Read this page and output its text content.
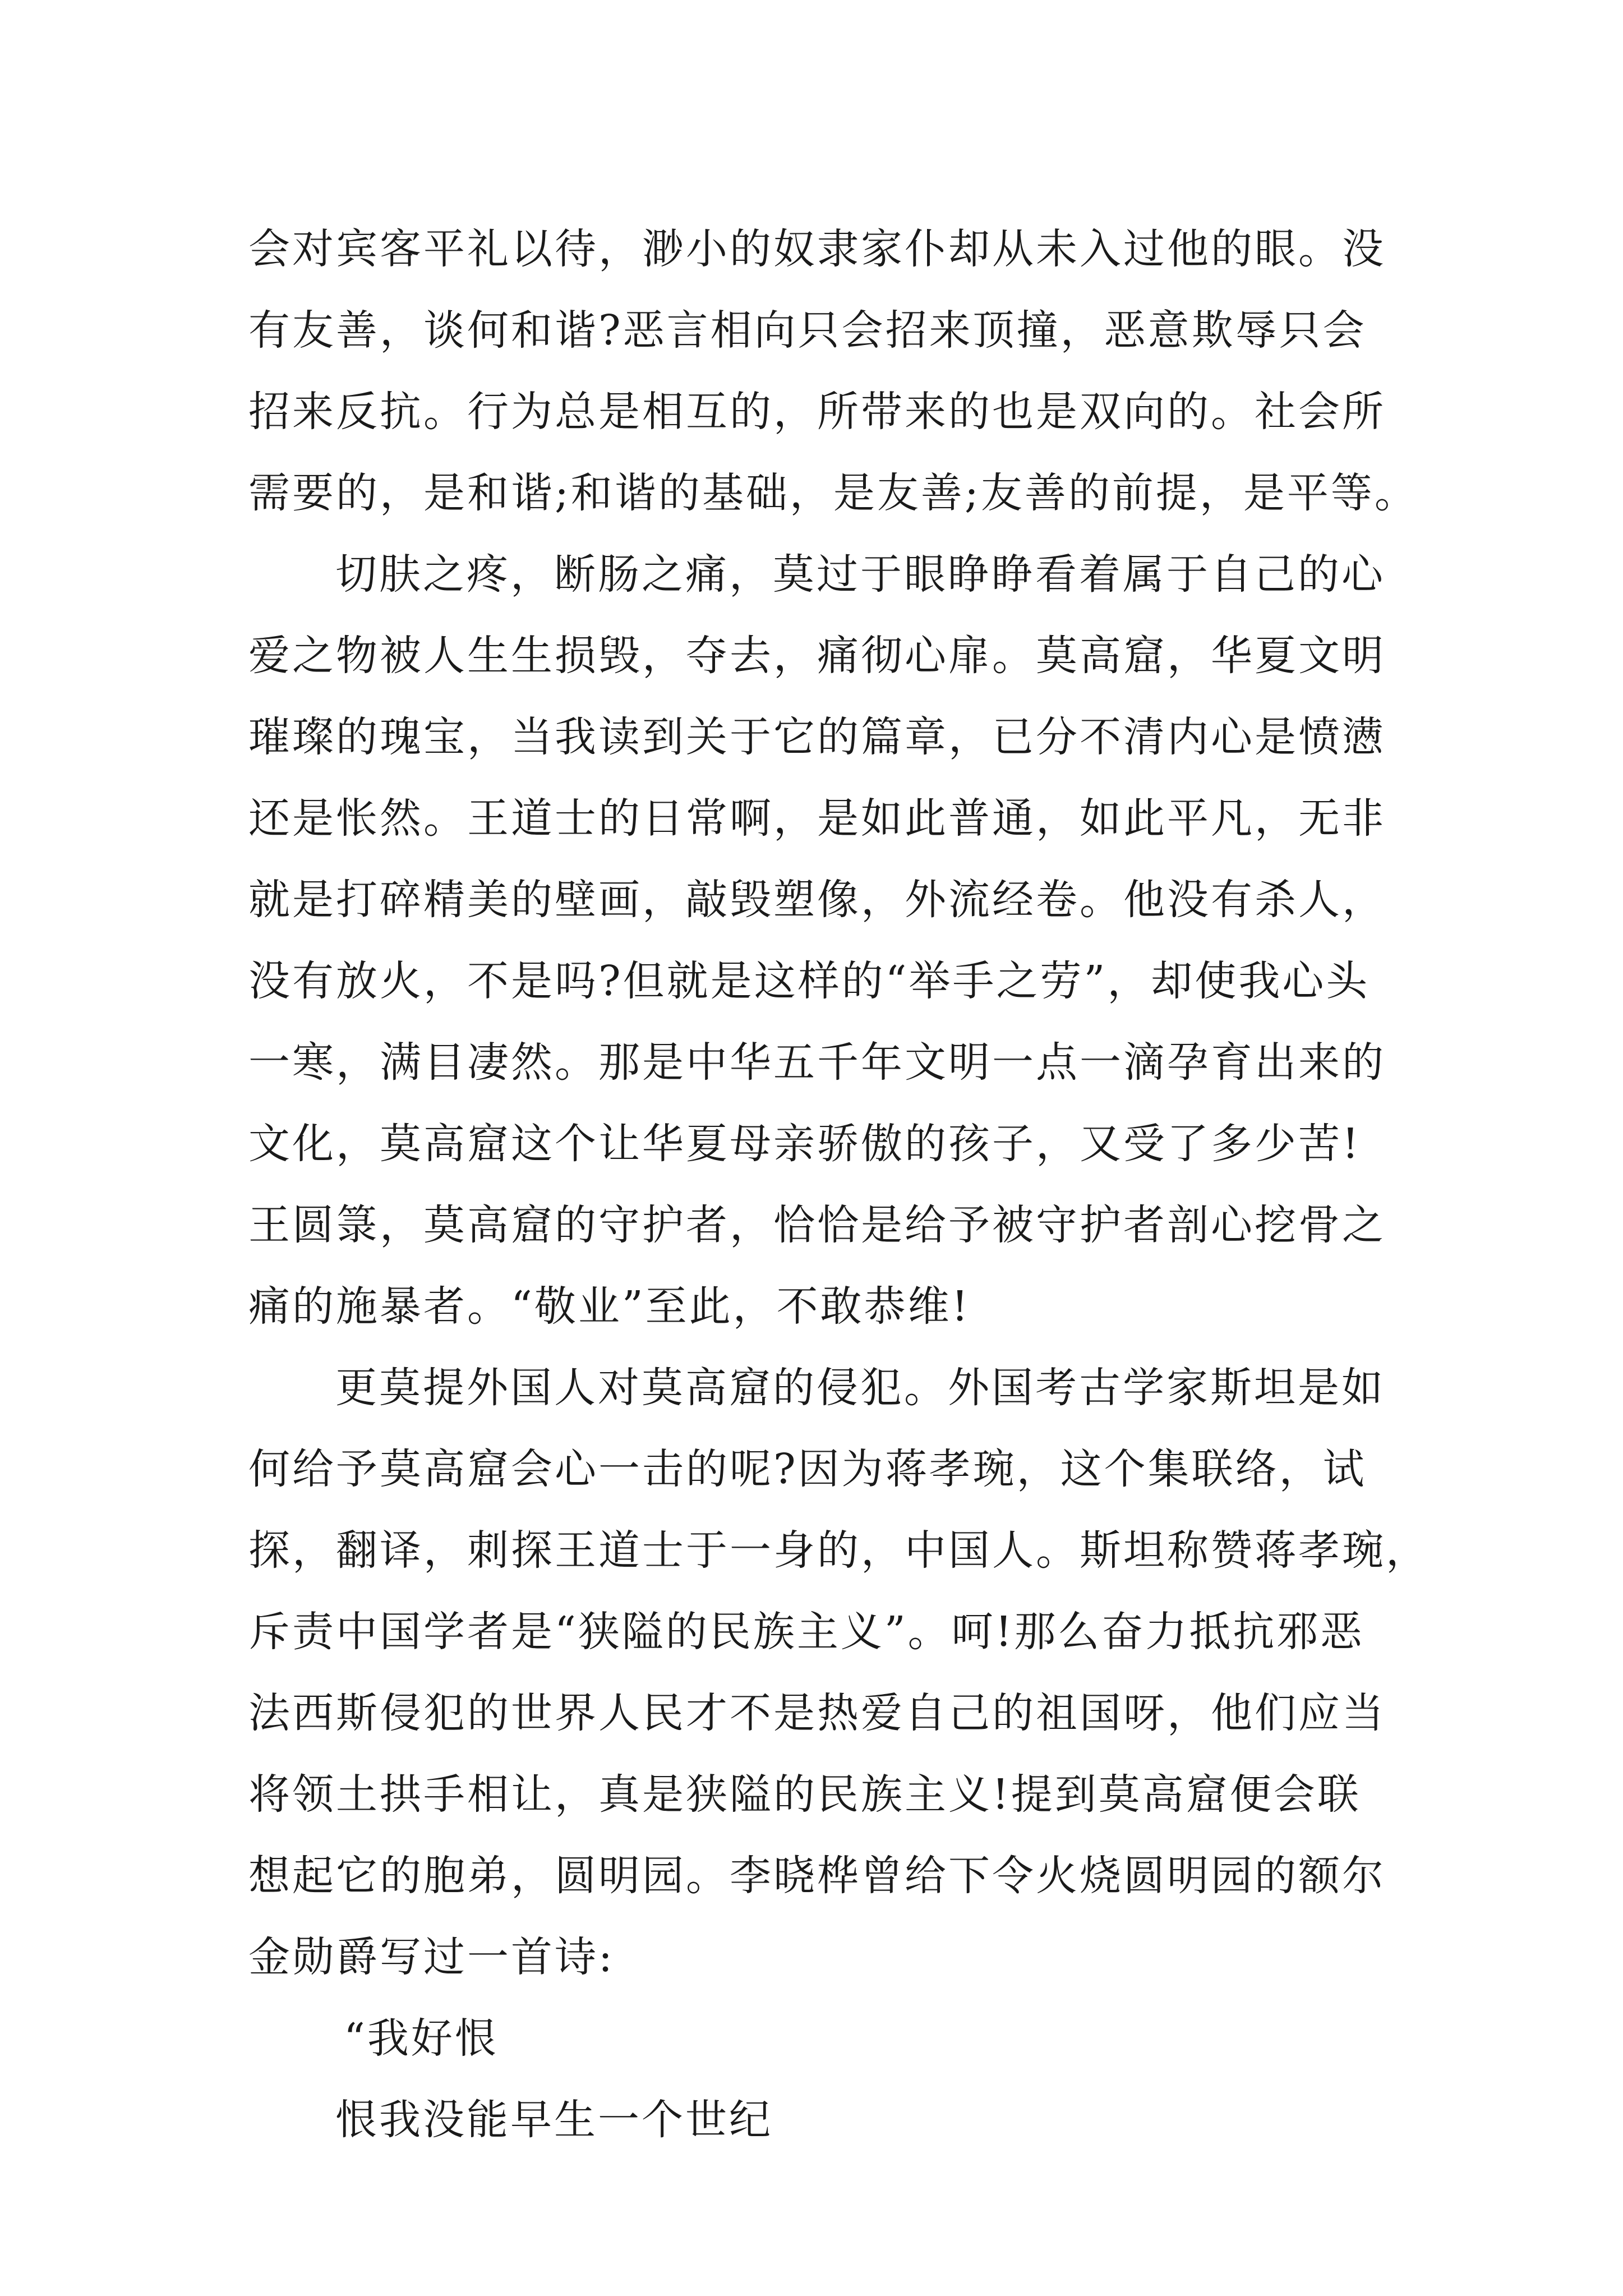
会对宾客平礼以待，渺小的奴隶家仆却从未入过他的眼。没
有友善，谈何和谐?恶言相向只会招来顶撞，恶意欺辱只会
招来反抗。行为总是相互的，所带来的也是双向的。社会所
需要的，是和谐;和谐的基础，是友善;友善的前提，是平等。
切肤之疼，断肠之痛，莫过于眼睁睁看着属于自己的心
爱之物被人生生损毁，夺去，痛彻心扉。莫高窟，华夏文明
璀璨的瑰宝，当我读到关于它的篇章，已分不清内心是愤懑
还是怅然。王道士的日常啊，是如此普通，如此平凡，无非
就是打碎精美的壁画，敲毁塑像，外流经卷。他没有杀人，
没有放火，不是吗?但就是这样的“举手之劳”，却使我心头
一寒，满目凄然。那是中华五千年文明一点一滴孕育出来的
文化，莫高窟这个让华夏母亲骄傲的孩子，又受了多少苦!
王圆箓，莫高窟的守护者，恰恰是给予被守护者剖心挖骨之
痛的施暴者。“敬业”至此，不敢恭维!
更莫提外国人对莫高窟的侵犯。外国考古学家斯坦是如
何给予莫高窟会心一击的呢?因为蒋孝琬，这个集联络，试
探，翻译，刺探王道士于一身的，中国人。斯坦称赞蒋孝琬，
斥责中国学者是“狭隘的民族主义”。呵!那么奋力抵抗邪恶
法西斯侵犯的世界人民才不是热爱自己的祖国呀，他们应当
将领土拱手相让，真是狭隘的民族主义!提到莫高窟便会联
想起它的胞弟，圆明园。李晓桦曾给下令火烧圆明园的额尔
金勋爵写过一首诗:
“我好恨
恨我没能早生一个世纪
